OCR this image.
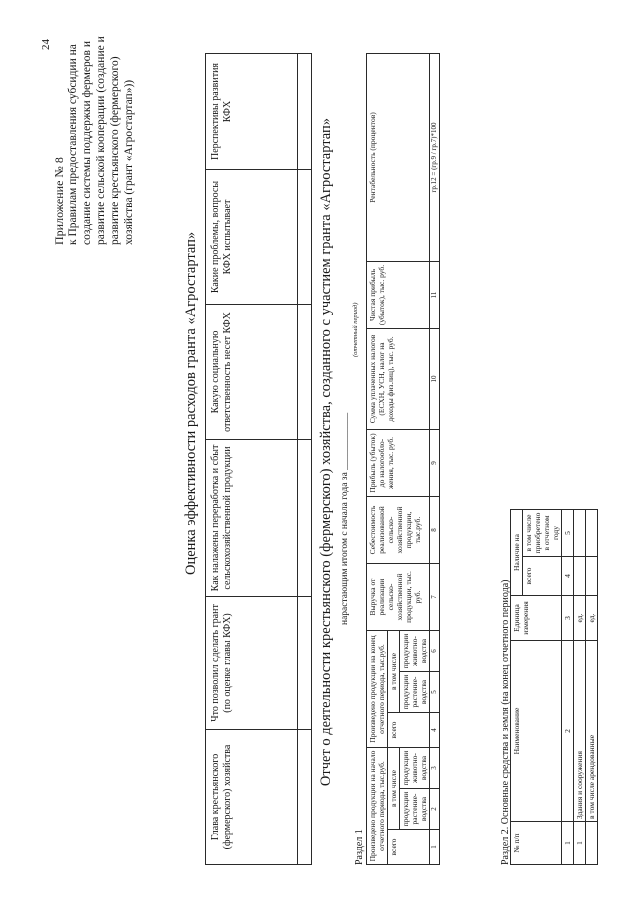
24
Приложение № 8 к Правилам предоставления субсидии на создание системы поддержки фермеров и развитие сельской кооперации (создание и развитие крестьянского (фермерского) хозяйства (грант «Агростартап»))
Оценка эффективности расходов гранта «Агростартап»
Глава крестьянского (фермерского) хозяйства	Что позволил сделать грант (по оценке главы КФХ)	Как налажены переработка и сбыт сельскохозяйственной продукции	Какую социальную ответственность несет КФХ	Какие проблемы, вопросы КФХ испытывает	Перспективы развития КФХ

Отчет о деятельности крестьянского (фермерского) хозяйства, созданного с участием гранта «Агростартап» нарастающим итогом с начала года за ____________
(отчетный период)
Раздел 1 Произведено продукции на начало отчетного периода, тыс.руб.			Произведено продукции на конец отчетного периода, тыс.руб.			Выручка от реализации сельско-хозяйственной продукции, тыс. руб.	Себестоимость реализованной сельско-хозяйственной продукции, тыс.руб.	Прибыль (убыток) до налогообло-жения, тыс. руб.	Сумма уплаченных налогов (ЕСХН, УСН, налог на доходы физ.лиц), тыс. руб.	Чистая прибыль (убыток), тыс. руб.	Рентабельность (процентов)
всего	в том числе		всего	в том числе							
	продукции растение-водства	продукции животно-водства		продукции растение-водства	продукции животно-водства						
1	2	3	4	5	6	7	8	9	10	11	гр.12 = (гр.9 / гр.7)*100
Раздел 2. Основные средства и земля (на конец отчетного периода) № п/п	Наименование	Единица измерения	Наличие на	
			всего	в том числе приобретено в отчетном году
1	2	3	4	5
1	Здания и сооружения	ед.		
	в том числе арендованные	ед.		
